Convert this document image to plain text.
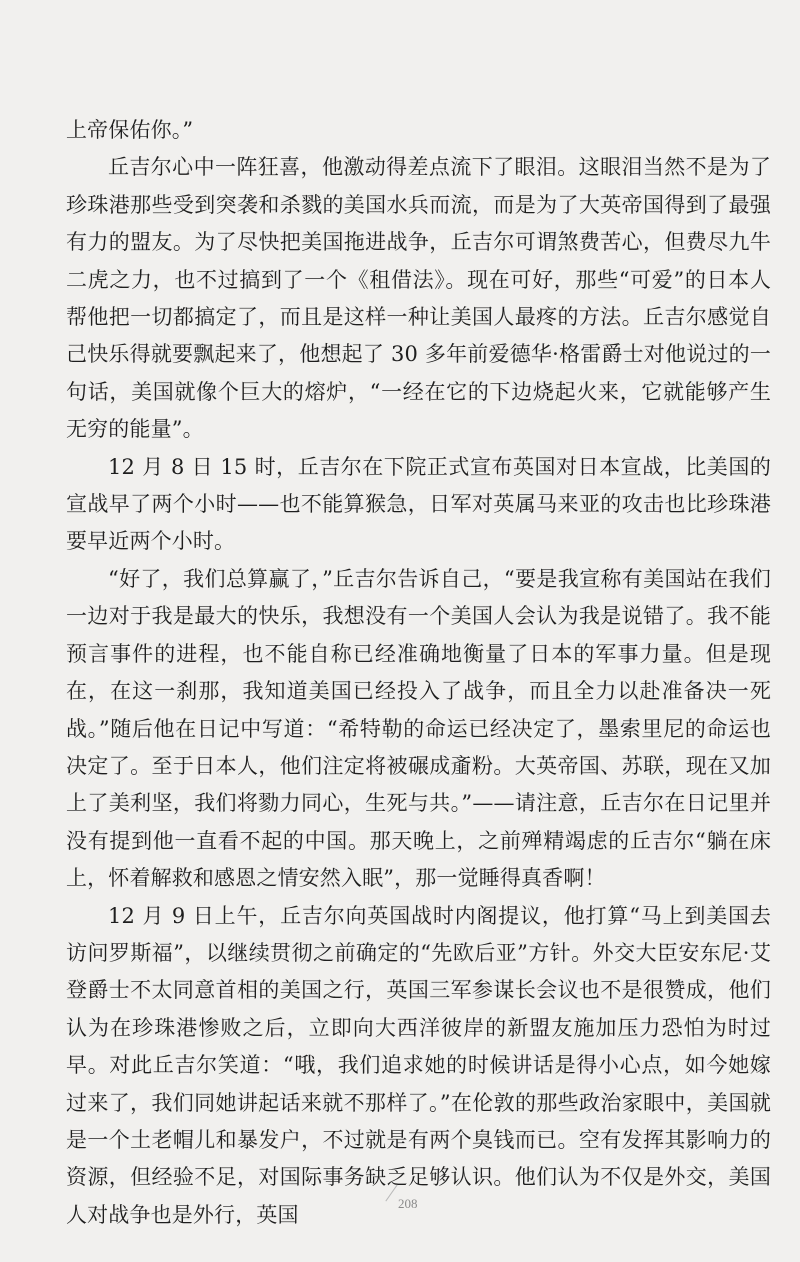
上帝保佑你。”

丘吉尔心中一阵狂喜，他激动得差点流下了眼泪。这眼泪当然不是为了珍珠港那些受到突袭和杀戮的美国水兵而流，而是为了大英帝国得到了最强有力的盟友。为了尽快把美国拖进战争，丘吉尔可谓煞费苦心，但费尽九牛二虎之力，也不过搞到了一个《租借法》。现在可好，那些“可爱”的日本人帮他把一切都搞定了，而且是这样一种让美国人最疼的方法。丘吉尔感觉自己快乐得就要飘起来了，他想起了 30 多年前爱德华·格雷爵士对他说过的一句话，美国就像个巨大的熔炉，“一经在它的下边烧起火来，它就能够产生无穷的能量”。

12 月 8 日 15 时，丘吉尔在下院正式宣布英国对日本宣战，比美国的宣战早了两个小时——也不能算猴急，日军对英属马来亚的攻击也比珍珠港要早近两个小时。

“好了，我们总算赢了，”丘吉尔告诉自己，“要是我宣称有美国站在我们一边对于我是最大的快乐，我想没有一个美国人会认为我是说错了。我不能预言事件的进程，也不能自称已经准确地衡量了日本的军事力量。但是现在，在这一刹那，我知道美国已经投入了战争，而且全力以赴准备决一死战。”随后他在日记中写道：“希特勒的命运已经决定了，墨索里尼的命运也决定了。至于日本人，他们注定将被碾成齑粉。大英帝国、苏联，现在又加上了美利坚，我们将勠力同心，生死与共。”——请注意，丘吉尔在日记里并没有提到他一直看不起的中国。那天晚上，之前殚精竭虑的丘吉尔“躺在床上，怀着解救和感恩之情安然入眠”，那一觉睡得真香啊！

12 月 9 日上午，丘吉尔向英国战时内阁提议，他打算“马上到美国去访问罗斯福”，以继续贯彻之前确定的“先欧后亚”方针。外交大臣安东尼·艾登爵士不太同意首相的美国之行，英国三军参谋长会议也不是很赞成，他们认为在珍珠港惨败之后，立即向大西洋彼岸的新盟友施加压力恐怕为时过早。对此丘吉尔笑道：“哦，我们追求她的时候讲话是得小心点，如今她嫁过来了，我们同她讲起话来就不那样了。”在伦敦的那些政治家眼中，美国就是一个土老帽儿和暴发户，不过就是有两个臭钱而已。空有发挥其影响力的资源，但经验不足，对国际事务缺乏足够认识。他们认为不仅是外交，美国人对战争也是外行，英国	208
